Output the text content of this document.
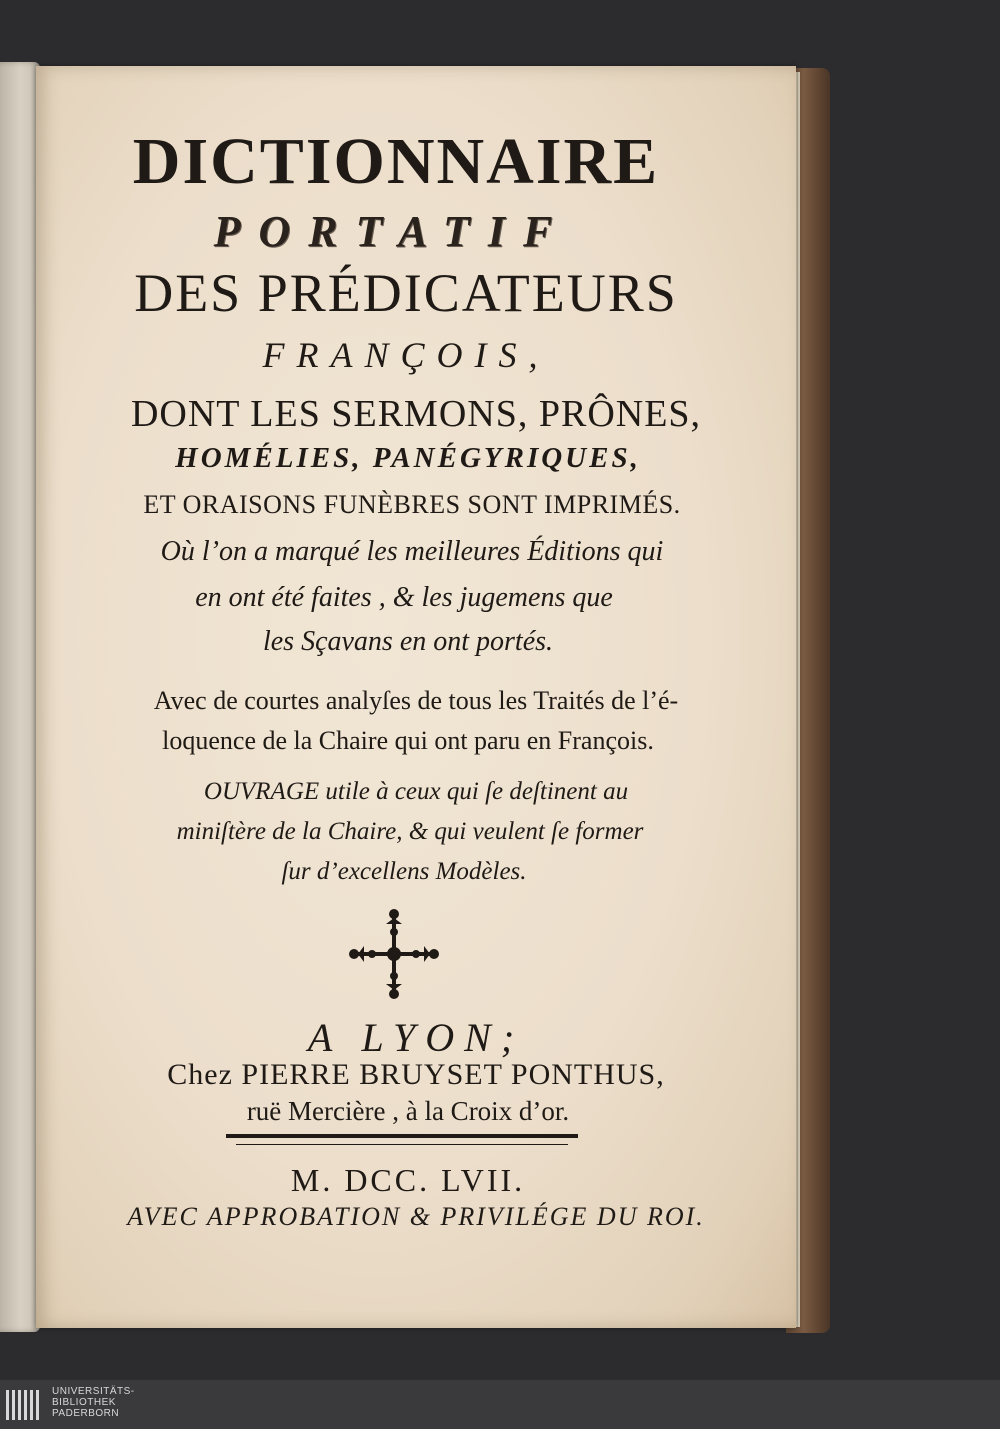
DICTIONNAIRE
PORTATIF
DES PRÉDICATEURS
FRANÇOIS,
DONT LES SERMONS, PRÔNES,
HOMÉLIES, PANÉGYRIQUES,
ET ORAISONS FUNÈBRES SONT IMPRIMÉS.
Où l’on a marqué les meilleures Éditions qui
en ont été faites , & les jugemens que
les Sçavans en ont portés.
Avec de courtes analyſes de tous les Traités de l’é-
loquence de la Chaire qui ont paru en François.
OUVRAGE utile à ceux qui ſe deſtinent au
miniſtère de la Chaire, & qui veulent ſe former
ſur d’excellens Modèles.
A LYON;
Chez PIERRE BRUYSET PONTHUS,
ruë Mercière , à la Croix d’or.
M. DCC. LVII.
AVEC APPROBATION & PRIVILÉGE DU ROI.
UNIVERSITÄTS-
BIBLIOTHEK
PADERBORN
